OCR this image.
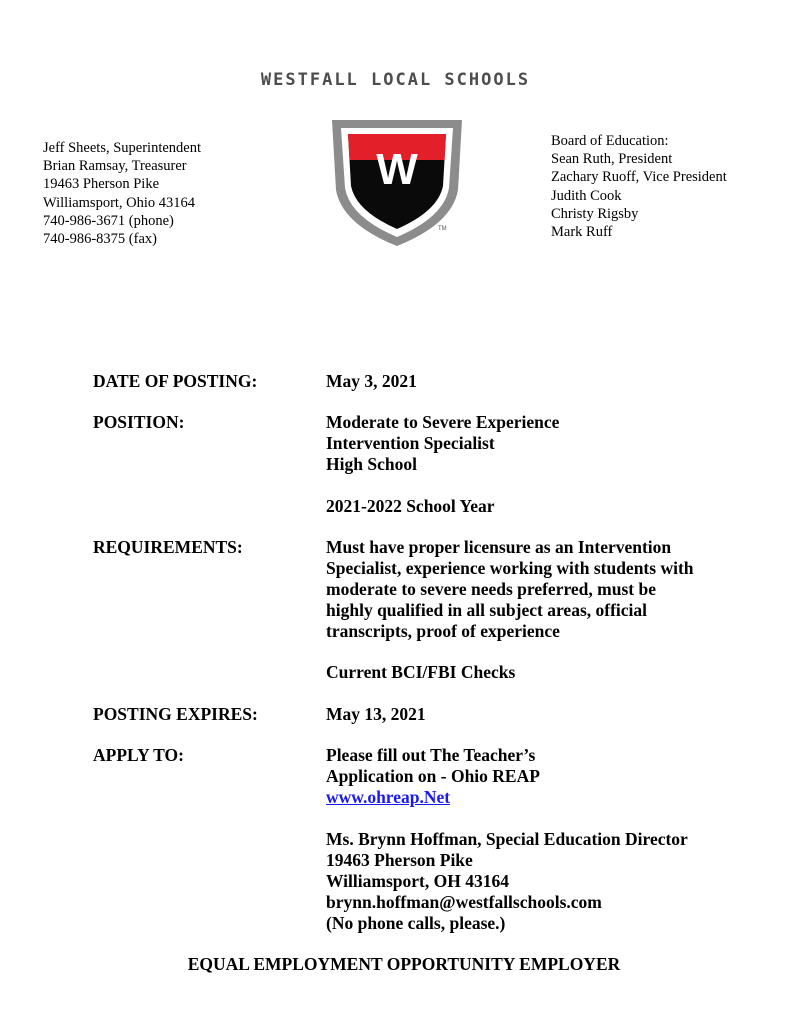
WESTFALL LOCAL SCHOOLS
Jeff Sheets, Superintendent
Brian Ramsay, Treasurer
19463 Pherson Pike
Williamsport, Ohio 43164
740-986-3671 (phone)
740-986-8375 (fax)
W
TM
Board of Education:
Sean Ruth, President
Zachary Ruoff, Vice President
Judith Cook
Christy Rigsby
Mark Ruff
DATE OF POSTING:	May 3, 2021
POSITION:	Moderate to Severe Experience
Intervention Specialist
High School
2021-2022 School Year
REQUIREMENTS:	Must have proper licensure as an Intervention
Specialist, experience working with students with
moderate to severe needs preferred, must be
highly qualified in all subject areas, official
transcripts, proof of experience
Current BCI/FBI Checks
POSTING EXPIRES:	May 13, 2021
APPLY TO:	Please fill out The Teacher’s
Application on - Ohio REAP
www.ohreap.Net
Ms. Brynn Hoffman, Special Education Director
19463 Pherson Pike
Williamsport, OH 43164
brynn.hoffman@westfallschools.com
(No phone calls, please.)
EQUAL EMPLOYMENT OPPORTUNITY EMPLOYER
